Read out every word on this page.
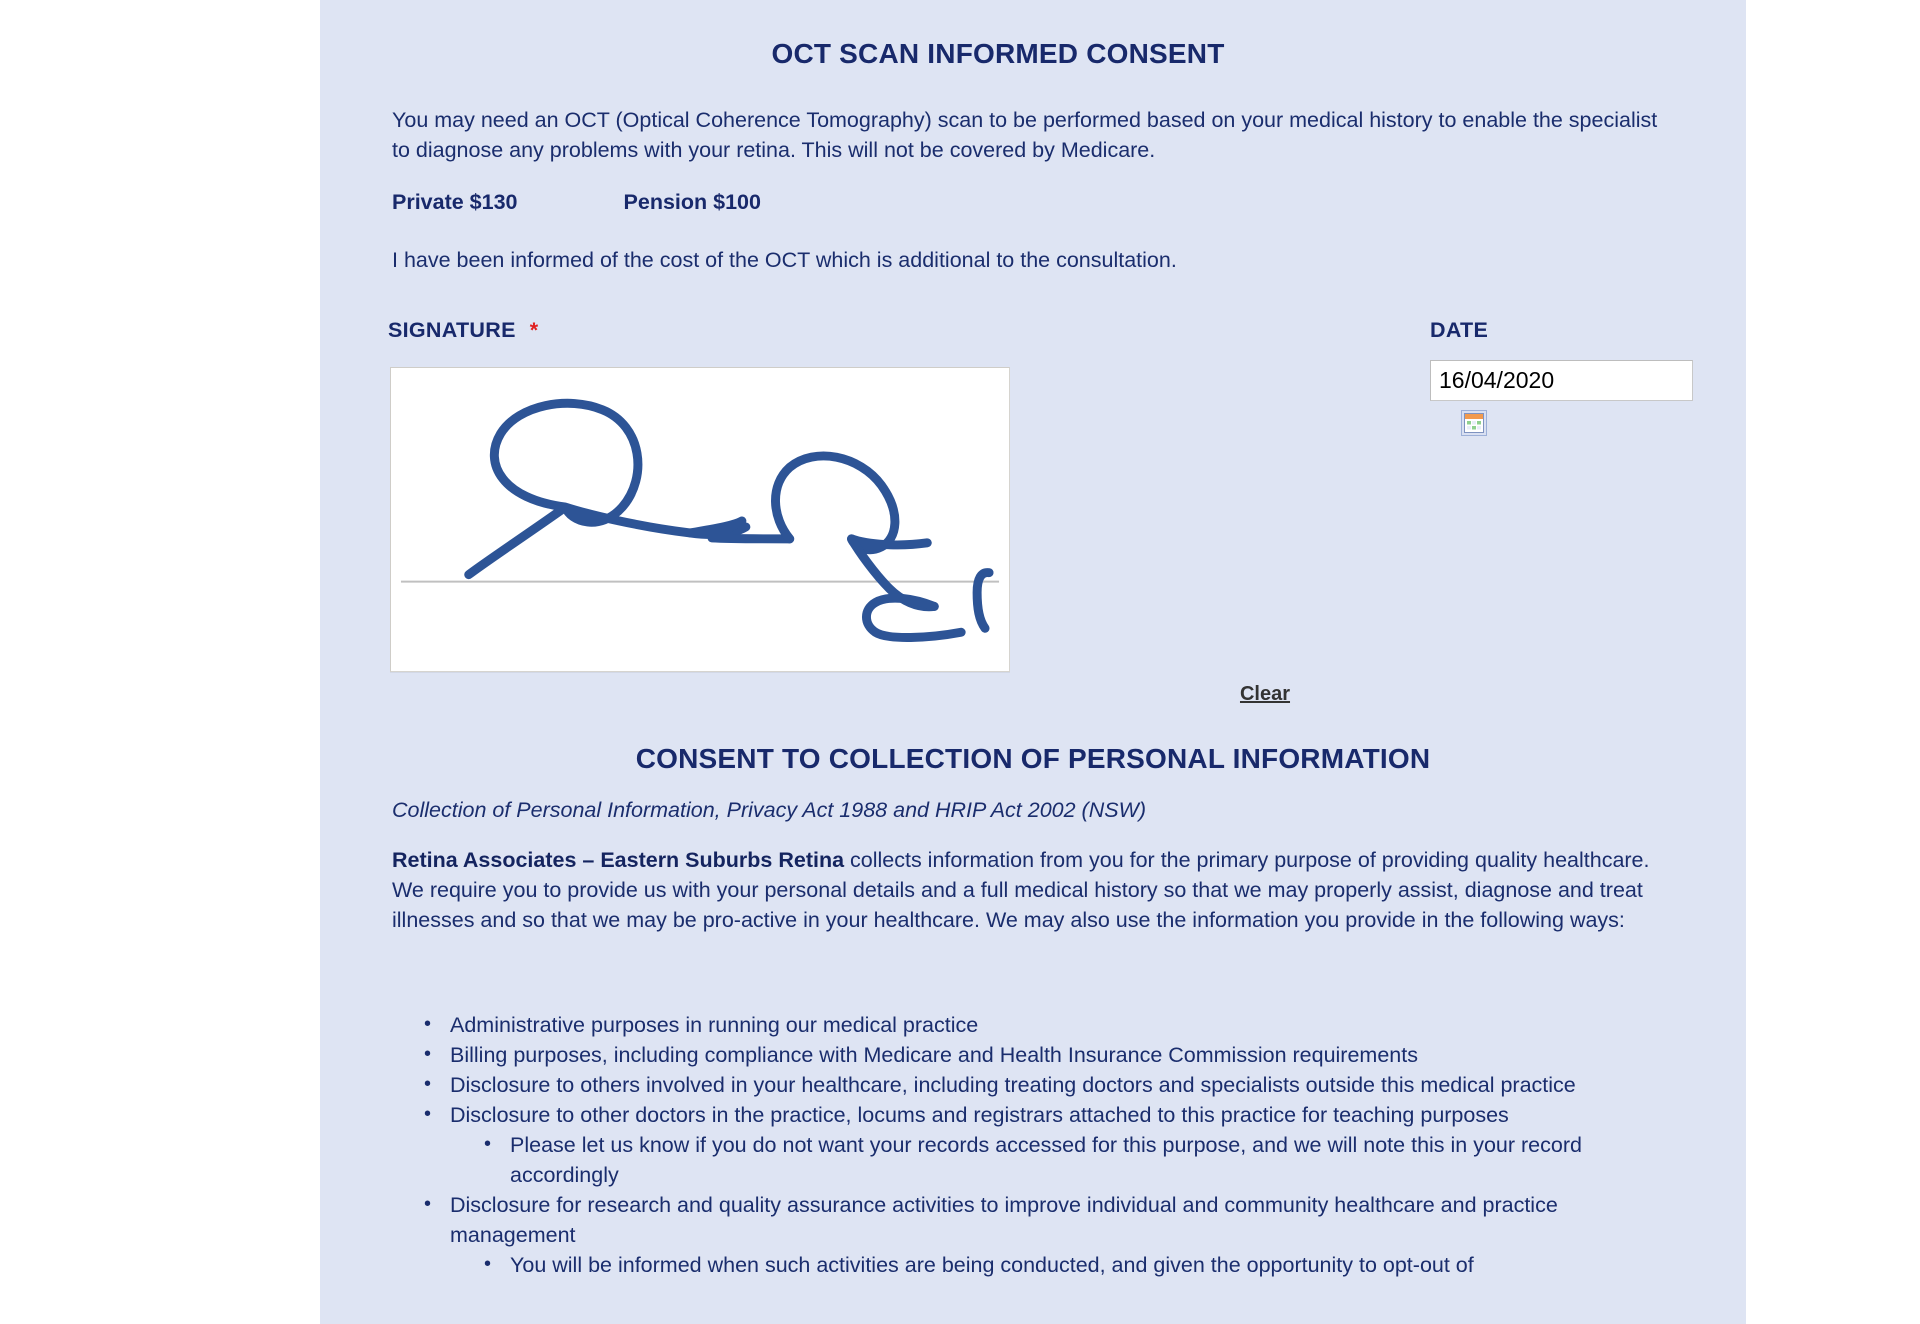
OCT SCAN INFORMED CONSENT

You may need an OCT (Optical Coherence Tomography) scan to be performed based on your medical history to enable the specialist to diagnose any problems with your retina. This will not be covered by Medicare.

Private $130	Pension $100

I have been informed of the cost of the OCT which is additional to the consultation.

SIGNATURE *
Clear
DATE
16/04/2020
CONSENT TO COLLECTION OF PERSONAL INFORMATION
Collection of Personal Information, Privacy Act 1988 and HRIP Act 2002 (NSW)

Retina Associates – Eastern Suburbs Retina collects information from you for the primary purpose of providing quality healthcare. We require you to provide us with your personal details and a full medical history so that we may properly assist, diagnose and treat illnesses and so that we may be pro-active in your healthcare. We may also use the information you provide in the following ways:

• Administrative purposes in running our medical practice
• Billing purposes, including compliance with Medicare and Health Insurance Commission requirements
• Disclosure to others involved in your healthcare, including treating doctors and specialists outside this medical practice
• Disclosure to other doctors in the practice, locums and registrars attached to this practice for teaching purposes
• Please let us know if you do not want your records accessed for this purpose, and we will note this in your record accordingly
• Disclosure for research and quality assurance activities to improve individual and community healthcare and practice management
• You will be informed when such activities are being conducted, and given the opportunity to opt-out of
